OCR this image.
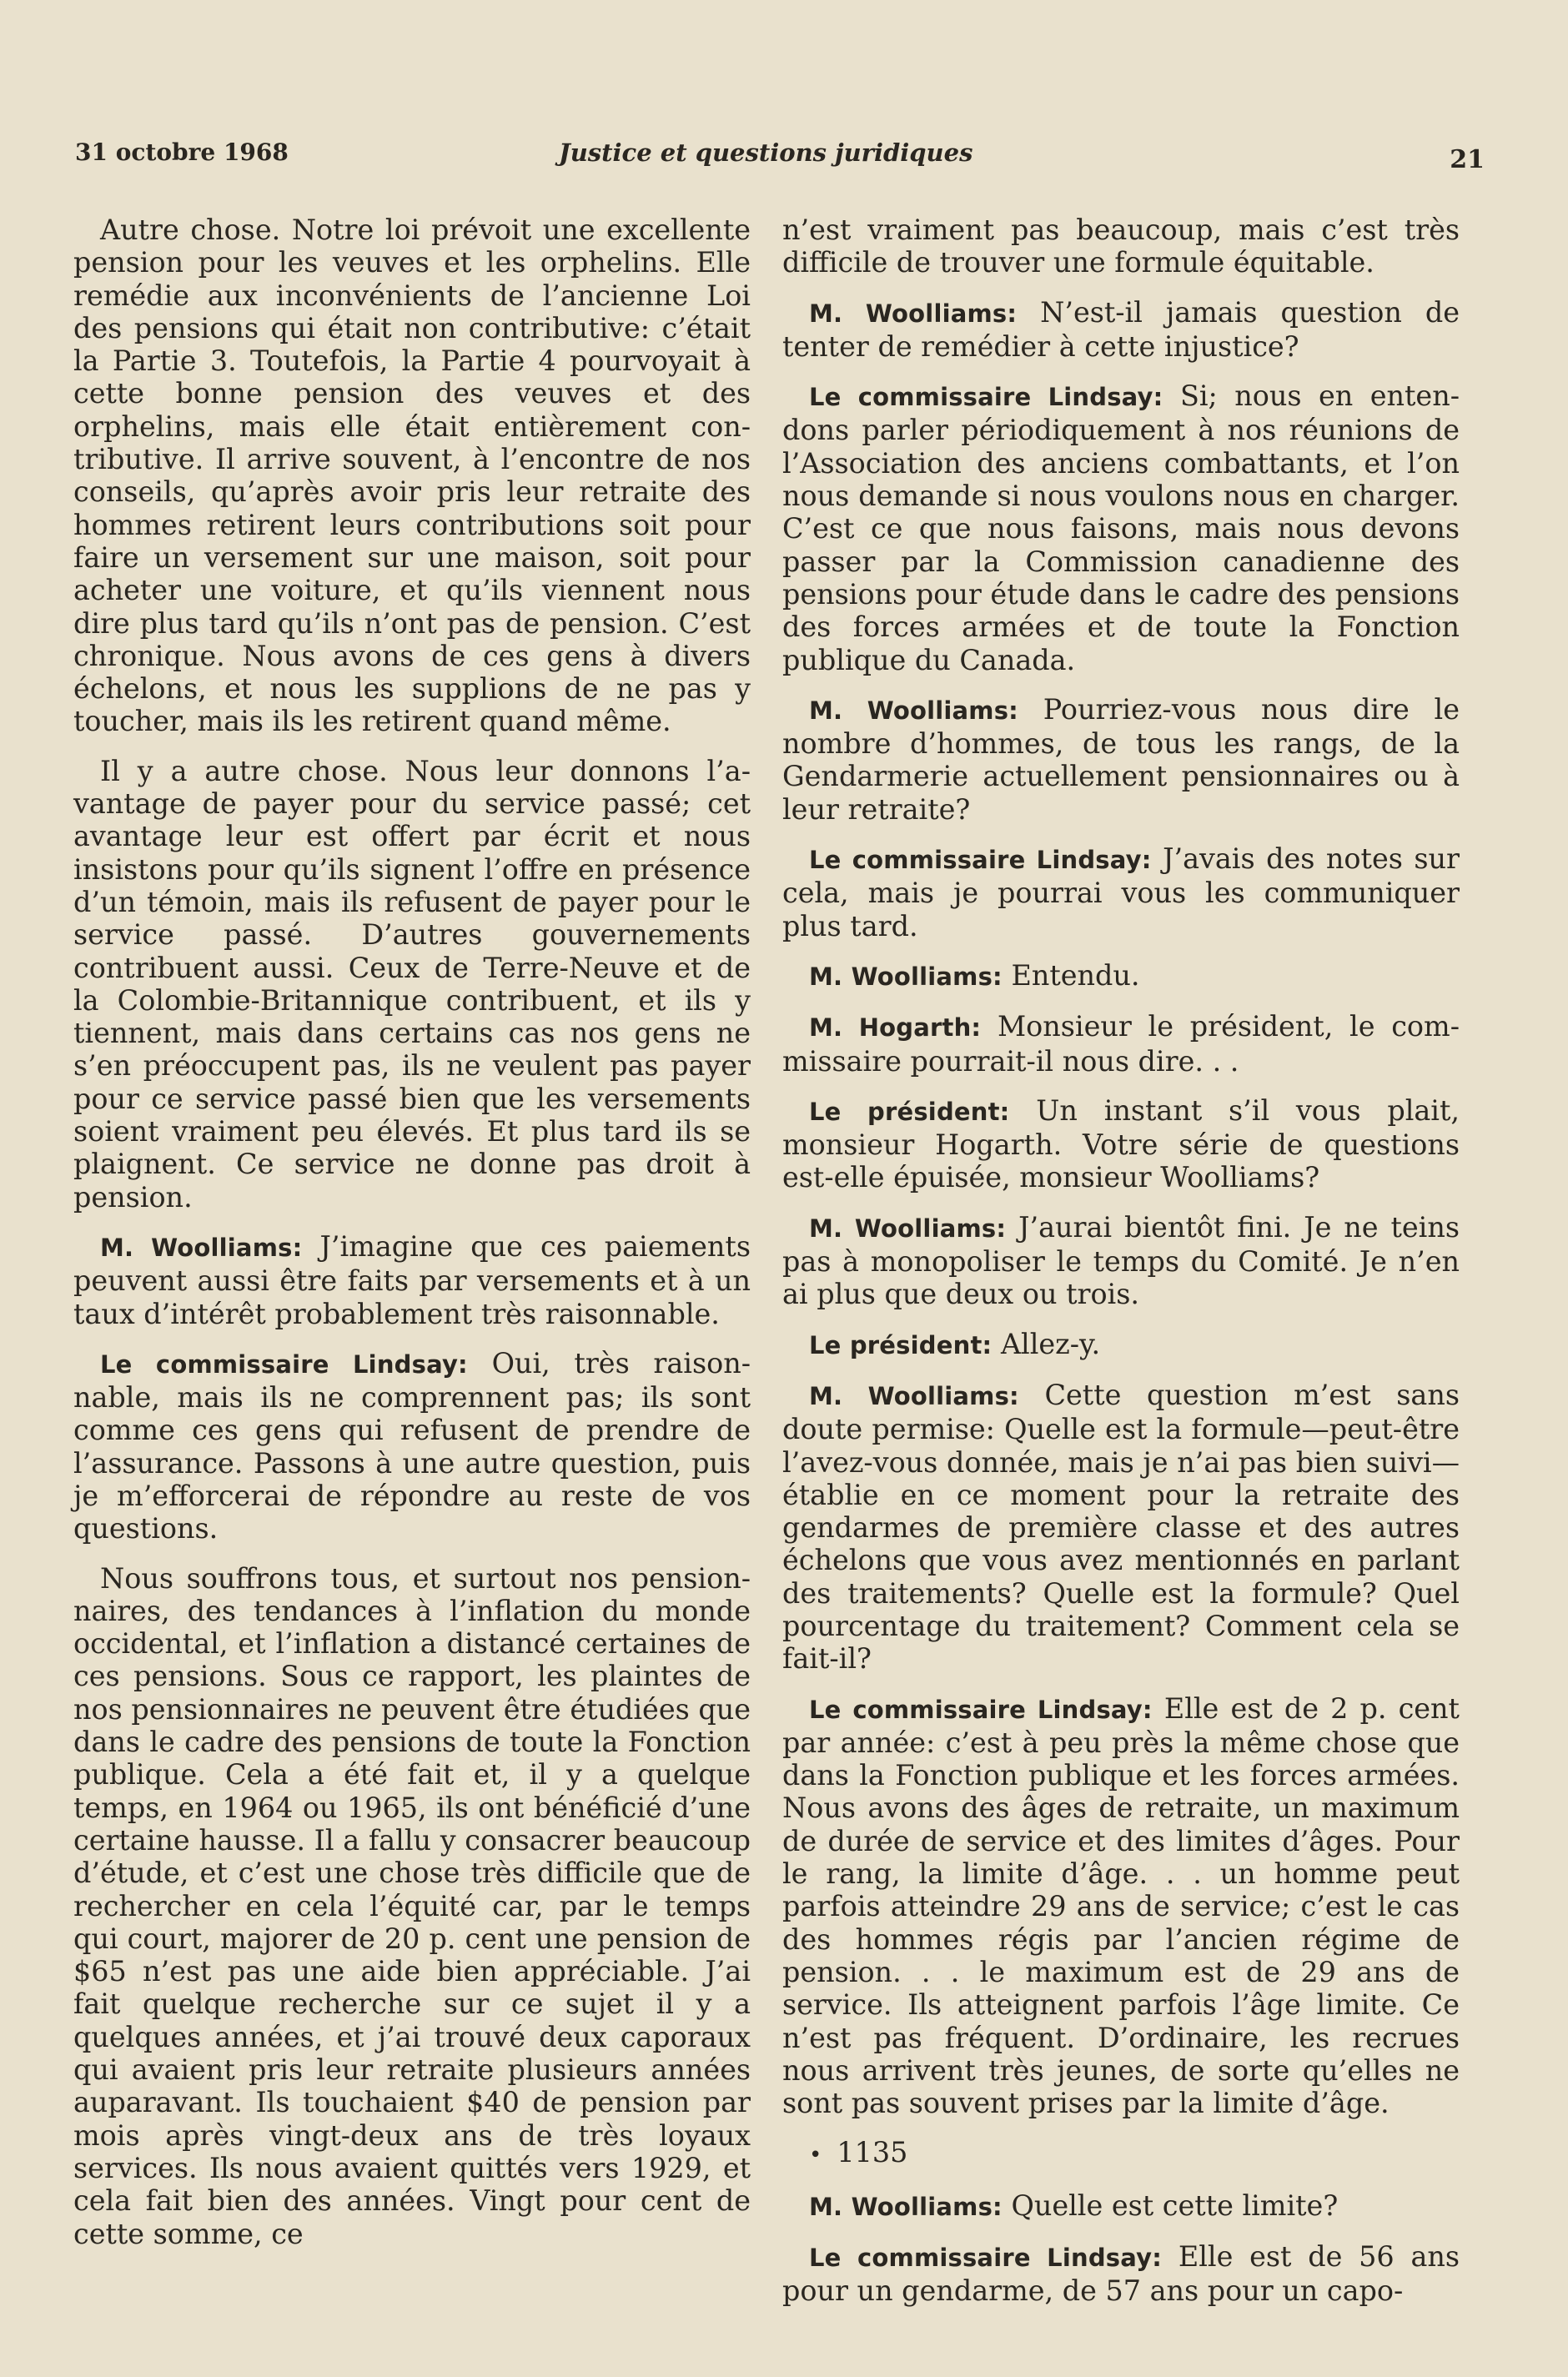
31 octobre 1968	Justice et questions juridiques	21

Autre chose. Notre loi prévoit une excellente pension pour les veuves et les orphelins. Elle remédie aux inconvénients de l’ancienne Loi des pensions qui était non contributive: c’était la Partie 3. Toutefois, la Partie 4 pourvoyait à cette bonne pension des veuves et des orphelins, mais elle était entièrement contributive. Il arrive souvent, à l’encontre de nos conseils, qu’après avoir pris leur retraite des hommes retirent leurs contributions soit pour faire un versement sur une maison, soit pour acheter une voiture, et qu’ils viennent nous dire plus tard qu’ils n’ont pas de pension. C’est chronique. Nous avons de ces gens à divers échelons, et nous les supplions de ne pas y toucher, mais ils les retirent quand même.

Il y a autre chose. Nous leur donnons l’avantage de payer pour du service passé; cet avantage leur est offert par écrit et nous insistons pour qu’ils signent l’offre en présence d’un témoin, mais ils refusent de payer pour le service passé. D’autres gouvernements contribuent aussi. Ceux de Terre-Neuve et de la Colombie-Britannique contribuent, et ils y tiennent, mais dans certains cas nos gens ne s’en préoccupent pas, ils ne veulent pas payer pour ce service passé bien que les versements soient vraiment peu élevés. Et plus tard ils se plaignent. Ce service ne donne pas droit à pension.

M. Woolliams: J’imagine que ces paiements peuvent aussi être faits par versements et à un taux d’intérêt probablement très raisonnable.

Le commissaire Lindsay: Oui, très raisonnable, mais ils ne comprennent pas; ils sont comme ces gens qui refusent de prendre de l’assurance. Passons à une autre question, puis je m’efforcerai de répondre au reste de vos questions.

Nous souffrons tous, et surtout nos pensionnaires, des tendances à l’inflation du monde occidental, et l’inflation a distancé certaines de ces pensions. Sous ce rapport, les plaintes de nos pensionnaires ne peuvent être étudiées que dans le cadre des pensions de toute la Fonction publique. Cela a été fait et, il y a quelque temps, en 1964 ou 1965, ils ont bénéficié d’une certaine hausse. Il a fallu y consacrer beaucoup d’étude, et c’est une chose très difficile que de rechercher en cela l’équité car, par le temps qui court, majorer de 20 p. cent une pension de $65 n’est pas une aide bien appréciable. J’ai fait quelque recherche sur ce sujet il y a quelques années, et j’ai trouvé deux caporaux qui avaient pris leur retraite plusieurs années auparavant. Ils touchaient $40 de pension par mois après vingt-deux ans de très loyaux services. Ils nous avaient quittés vers 1929, et cela fait bien des années. Vingt pour cent de cette somme, ce

n’est vraiment pas beaucoup, mais c’est très difficile de trouver une formule équitable.

M. Woolliams: N’est-il jamais question de tenter de remédier à cette injustice?

Le commissaire Lindsay: Si; nous en entendons parler périodiquement à nos réunions de l’Association des anciens combattants, et l’on nous demande si nous voulons nous en charger. C’est ce que nous faisons, mais nous devons passer par la Commission canadienne des pensions pour étude dans le cadre des pensions des forces armées et de toute la Fonction publique du Canada.

M. Woolliams: Pourriez-vous nous dire le nombre d’hommes, de tous les rangs, de la Gendarmerie actuellement pensionnaires ou à leur retraite?

Le commissaire Lindsay: J’avais des notes sur cela, mais je pourrai vous les communiquer plus tard.

M. Woolliams: Entendu.

M. Hogarth: Monsieur le président, le commissaire pourrait-il nous dire. . .

Le président: Un instant s’il vous plait, monsieur Hogarth. Votre série de questions est-elle épuisée, monsieur Woolliams?

M. Woolliams: J’aurai bientôt fini. Je ne teins pas à monopoliser le temps du Comité. Je n’en ai plus que deux ou trois.

Le président: Allez-y.

M. Woolliams: Cette question m’est sans doute permise: Quelle est la formule—peut-être l’avez-vous donnée, mais je n’ai pas bien suivi—établie en ce moment pour la retraite des gendarmes de première classe et des autres échelons que vous avez mentionnés en parlant des traitements? Quelle est la formule? Quel pourcentage du traitement? Comment cela se fait-il?

Le commissaire Lindsay: Elle est de 2 p. cent par année: c’est à peu près la même chose que dans la Fonction publique et les forces armées. Nous avons des âges de retraite, un maximum de durée de service et des limites d’âges. Pour le rang, la limite d’âge. . . un homme peut parfois atteindre 29 ans de service; c’est le cas des hommes régis par l’ancien régime de pension. . . le maximum est de 29 ans de service. Ils atteignent parfois l’âge limite. Ce n’est pas fréquent. D’ordinaire, les recrues nous arrivent très jeunes, de sorte qu’elles ne sont pas souvent prises par la limite d’âge.

• 1135

M. Woolliams: Quelle est cette limite?

Le commissaire Lindsay: Elle est de 56 ans pour un gendarme, de 57 ans pour un capo-
